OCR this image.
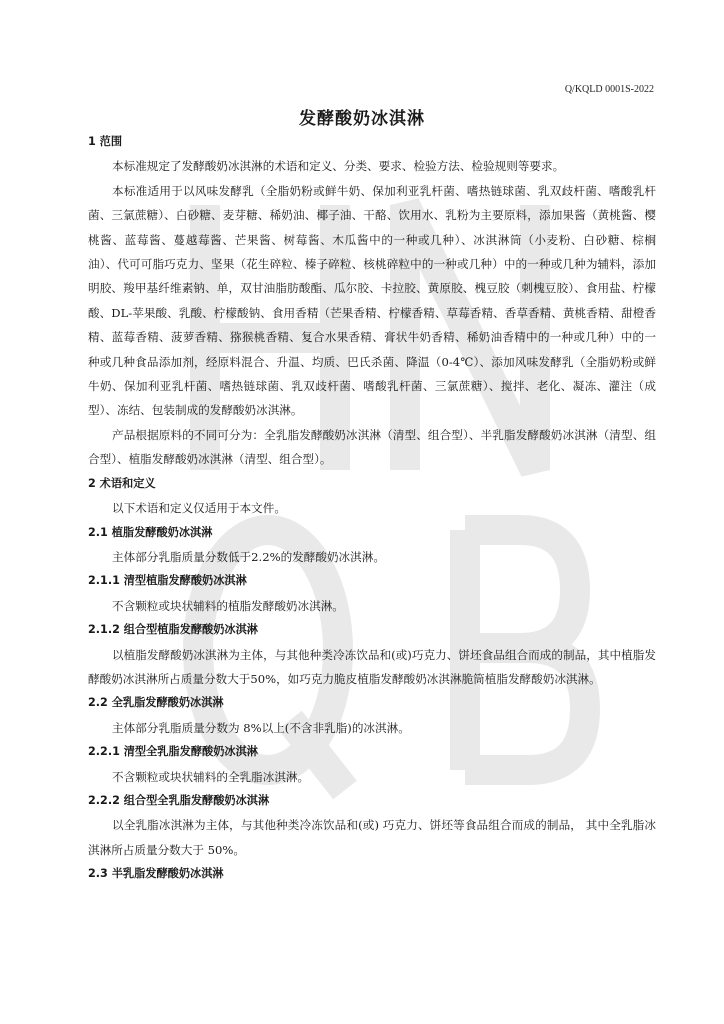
Q/KQLD 0001S-2022
发酵酸奶冰淇淋
1 范围

本标准规定了发酵酸奶冰淇淋的术语和定义、分类、要求、检验方法、检验规则等要求。

本标准适用于以风味发酵乳（全脂奶粉或鲜牛奶、保加利亚乳杆菌、嗜热链球菌、乳双歧杆菌、嗜酸乳杆菌、三氯蔗糖）、白砂糖、麦芽糖、稀奶油、椰子油、干酪、饮用水、乳粉为主要原料，添加果酱（黄桃酱、樱桃酱、蓝莓酱、蔓越莓酱、芒果酱、树莓酱、木瓜酱中的一种或几种）、冰淇淋筒（小麦粉、白砂糖、棕榈油）、代可可脂巧克力、坚果（花生碎粒、榛子碎粒、核桃碎粒中的一种或几种）中的一种或几种为辅料，添加明胶、羧甲基纤维素钠、单，双甘油脂肪酸酯、瓜尔胶、卡拉胶、黄原胶、槐豆胶（刺槐豆胶）、食用盐、柠檬酸、DL-苹果酸、乳酸、柠檬酸钠、食用香精（芒果香精、柠檬香精、草莓香精、香草香精、黄桃香精、甜橙香精、蓝莓香精、菠萝香精、猕猴桃香精、复合水果香精、膏状牛奶香精、稀奶油香精中的一种或几种）中的一种或几种食品添加剂，经原料混合、升温、均质、巴氏杀菌、降温（0-4℃）、添加风味发酵乳（全脂奶粉或鲜牛奶、保加利亚乳杆菌、嗜热链球菌、乳双歧杆菌、嗜酸乳杆菌、三氯蔗糖）、搅拌、老化、凝冻、灌注（成型）、冻结、包装制成的发酵酸奶冰淇淋。

产品根据原料的不同可分为：全乳脂发酵酸奶冰淇淋（清型、组合型）、半乳脂发酵酸奶冰淇淋（清型、组合型）、植脂发酵酸奶冰淇淋（清型、组合型）。

2 术语和定义

以下术语和定义仅适用于本文件。

2.1 植脂发酵酸奶冰淇淋

主体部分乳脂质量分数低于2.2%的发酵酸奶冰淇淋。

2.1.1 清型植脂发酵酸奶冰淇淋

不含颗粒或块状辅料的植脂发酵酸奶冰淇淋。

2.1.2 组合型植脂发酵酸奶冰淇淋

以植脂发酵酸奶冰淇淋为主体，与其他种类冷冻饮品和(或)巧克力、饼坯食品组合而成的制品，其中植脂发酵酸奶冰淇淋所占质量分数大于50%，如巧克力脆皮植脂发酵酸奶冰淇淋脆筒植脂发酵酸奶冰淇淋。

2.2 全乳脂发酵酸奶冰淇淋

主体部分乳脂质量分数为 8%以上(不含非乳脂)的冰淇淋。

2.2.1 清型全乳脂发酵酸奶冰淇淋

不含颗粒或块状辅料的全乳脂冰淇淋。

2.2.2 组合型全乳脂发酵酸奶冰淇淋

以全乳脂冰淇淋为主体，与其他种类冷冻饮品和(或) 巧克力、饼坯等食品组合而成的制品， 其中全乳脂冰淇淋所占质量分数大于 50%。

2.3 半乳脂发酵酸奶冰淇淋
